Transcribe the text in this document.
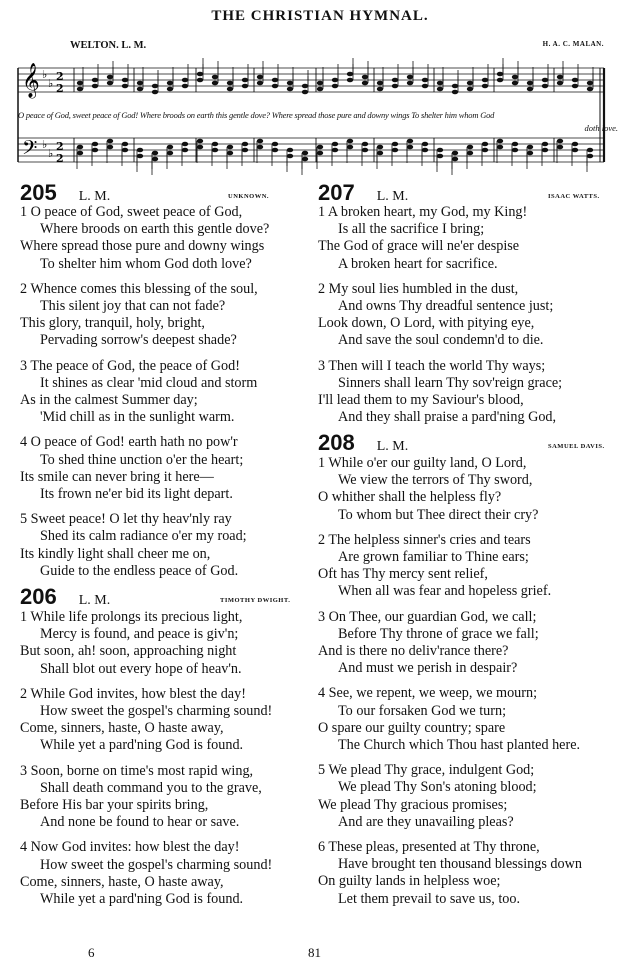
THE CHRISTIAN HYMNAL.
𝄞
𝄢
♭
♭
♭
♭
2
2
2
2
WELTON. L. M.	H. A. C. MALAN.
O peace of God, sweet peace of God! Where broods on earth this gentle dove? Where spread those pure and downy wings To shelter him whom God
doth love.
205 L. M.	UNKNOWN.
1 O peace of God, sweet peace of God,
Where broods on earth this gentle dove?
Where spread those pure and downy wings
To shelter him whom God doth love?
2 Whence comes this blessing of the soul,
This silent joy that can not fade?
This glory, tranquil, holy, bright,
Pervading sorrow's deepest shade?
3 The peace of God, the peace of God!
It shines as clear 'mid cloud and storm
As in the calmest Summer day;
'Mid chill as in the sunlight warm.
4 O peace of God! earth hath no pow'r
To shed thine unction o'er the heart;
Its smile can never bring it here—
Its frown ne'er bid its light depart.
5 Sweet peace! O let thy heav'nly ray
Shed its calm radiance o'er my road;
Its kindly light shall cheer me on,
Guide to the endless peace of God.
206 L. M.	TIMOTHY DWIGHT.
1 While life prolongs its precious light,
Mercy is found, and peace is giv'n;
But soon, ah! soon, approaching night
Shall blot out every hope of heav'n.
2 While God invites, how blest the day!
How sweet the gospel's charming sound!
Come, sinners, haste, O haste away,
While yet a pard'ning God is found.
3 Soon, borne on time's most rapid wing,
Shall death command you to the grave,
Before His bar your spirits bring,
And none be found to hear or save.
4 Now God invites: how blest the day!
How sweet the gospel's charming sound!
Come, sinners, haste, O haste away,
While yet a pard'ning God is found.
207 L. M.	ISAAC WATTS.
1 A broken heart, my God, my King!
Is all the sacrifice I bring;
The God of grace will ne'er despise
A broken heart for sacrifice.
2 My soul lies humbled in the dust,
And owns Thy dreadful sentence just;
Look down, O Lord, with pitying eye,
And save the soul condemn'd to die.
3 Then will I teach the world Thy ways;
Sinners shall learn Thy sov'reign grace;
I'll lead them to my Saviour's blood,
And they shall praise a pard'ning God,
208 L. M.	SAMUEL DAVIS.
1 While o'er our guilty land, O Lord,
We view the terrors of Thy sword,
O whither shall the helpless fly?
To whom but Thee direct their cry?
2 The helpless sinner's cries and tears
Are grown familiar to Thine ears;
Oft has Thy mercy sent relief,
When all was fear and hopeless grief.
3 On Thee, our guardian God, we call;
Before Thy throne of grace we fall;
And is there no deliv'rance there?
And must we perish in despair?
4 See, we repent, we weep, we mourn;
To our forsaken God we turn;
O spare our guilty country; spare
The Church which Thou hast planted here.
5 We plead Thy grace, indulgent God;
We plead Thy Son's atoning blood;
We plead Thy gracious promises;
And are they unavailing pleas?
6 These pleas, presented at Thy throne,
Have brought ten thousand blessings down
On guilty lands in helpless woe;
Let them prevail to save us, too.
6	81
